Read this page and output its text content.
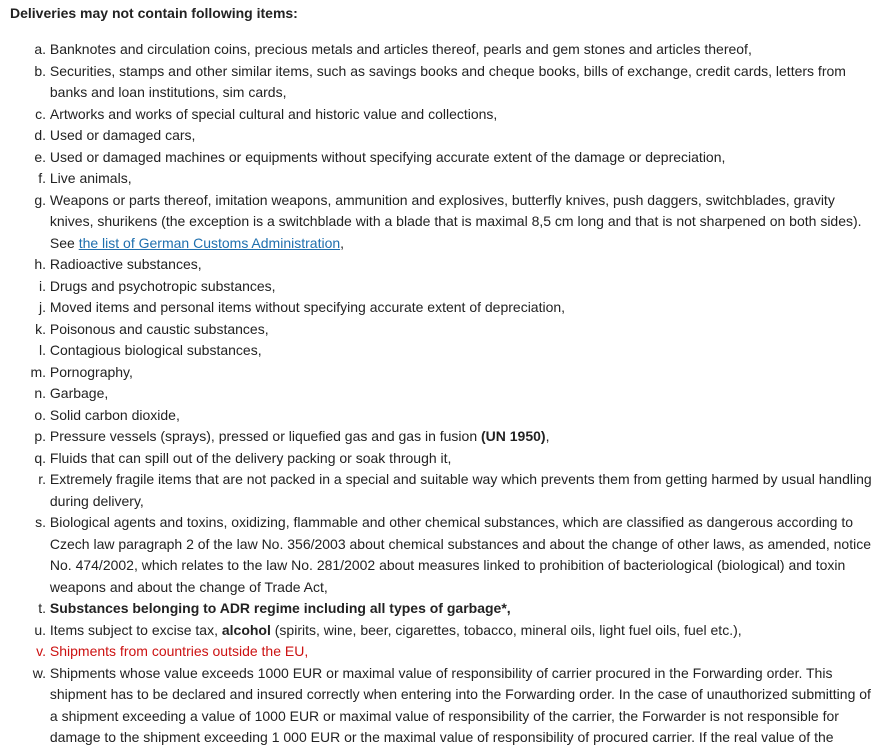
Deliveries may not contain following items:
a.
Banknotes and circulation coins, precious metals and articles thereof, pearls and gem stones and articles thereof,
b.
Securities, stamps and other similar items, such as savings books and cheque books, bills of exchange, credit cards, letters from banks and loan institutions, sim cards,
c.
Artworks and works of special cultural and historic value and collections,
d.
Used or damaged cars,
e.
Used or damaged machines or equipments without specifying accurate extent of the damage or depreciation,
f.
Live animals,
g.
Weapons or parts thereof, imitation weapons, ammunition and explosives, butterfly knives, push daggers, switchblades, gravity knives, shurikens (the exception is a switchblade with a blade that is maximal 8,5 cm long and that is not sharpened on both sides). See the list of German Customs Administration,
h.
Radioactive substances,
i.
Drugs and psychotropic substances,
j.
Moved items and personal items without specifying accurate extent of depreciation,
k.
Poisonous and caustic substances,
l.
Contagious biological substances,
m.
Pornography,
n.
Garbage,
o.
Solid carbon dioxide,
p.
Pressure vessels (sprays), pressed or liquefied gas and gas in fusion (UN 1950),
q.
Fluids that can spill out of the delivery packing or soak through it,
r.
Extremely fragile items that are not packed in a special and suitable way which prevents them from getting harmed by usual handling during delivery,
s.
Biological agents and toxins, oxidizing, flammable and other chemical substances, which are classified as dangerous according to Czech law paragraph 2 of the law No. 356/2003 about chemical substances and about the change of other laws, as amended, notice No. 474/2002, which relates to the law No. 281/2002 about measures linked to prohibition of bacteriological (biological) and toxin weapons and about the change of Trade Act,
t.
Substances belonging to ADR regime including all types of garbage*,
u.
Items subject to excise tax, alcohol (spirits, wine, beer, cigarettes, tobacco, mineral oils, light fuel oils, fuel etc.),
v.
Shipments from countries outside the EU,
w.
Shipments whose value exceeds 1000 EUR or maximal value of responsibility of carrier procured in the Forwarding order. This shipment has to be declared and insured correctly when entering into the Forwarding order. In the case of unauthorized submitting of a shipment exceeding a value of 1000 EUR or maximal value of responsibility of the carrier, the Forwarder is not responsible for damage to the shipment exceeding 1 000 EUR or the maximal value of responsibility of procured carrier. If the real value of the
